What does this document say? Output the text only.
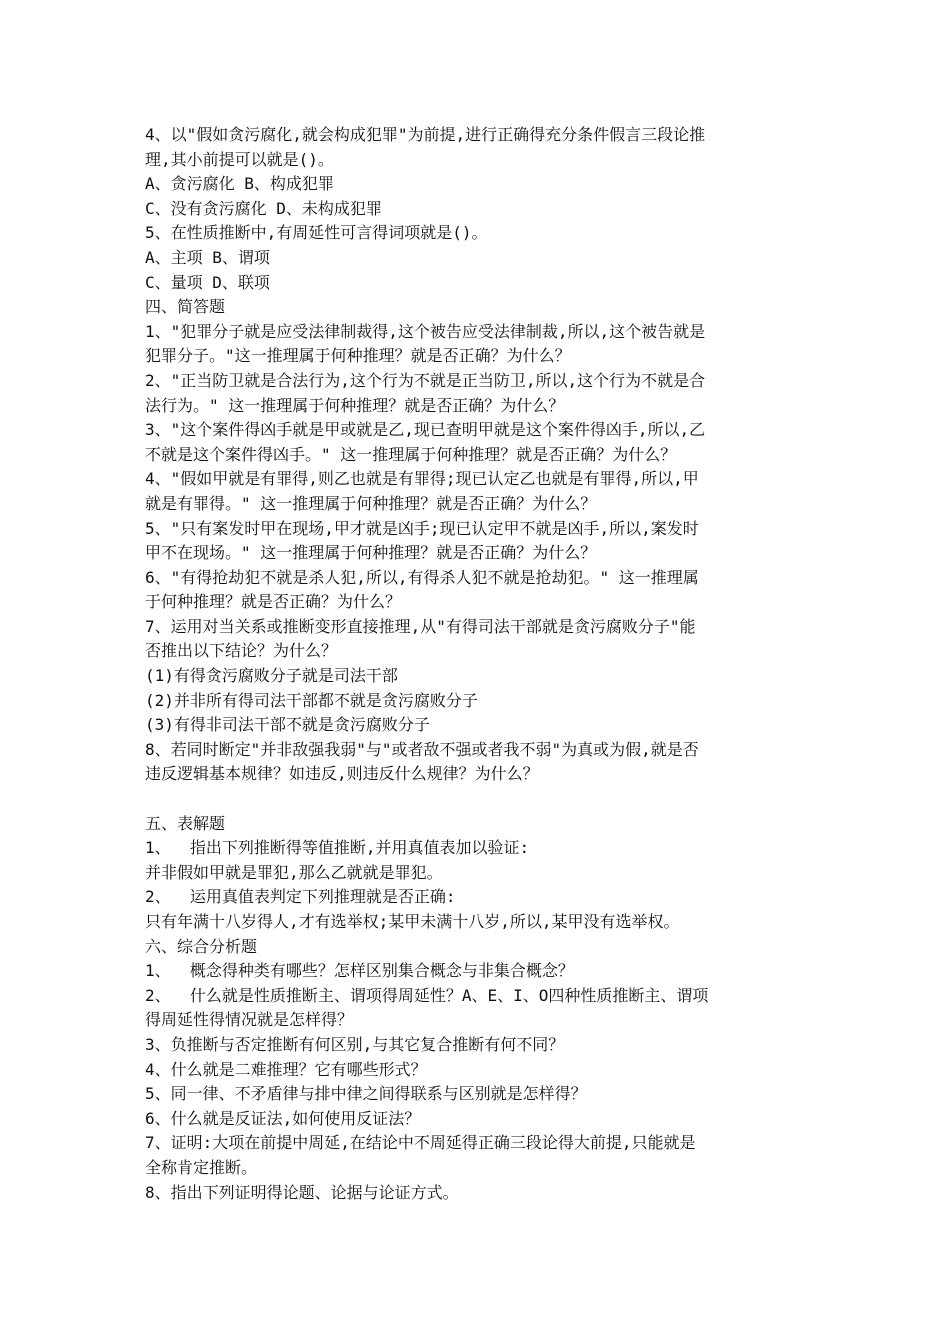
4、以"假如贪污腐化,就会构成犯罪"为前提,进行正确得充分条件假言三段论推
理,其小前提可以就是()。
A、贪污腐化 B、构成犯罪
C、没有贪污腐化 D、未构成犯罪
5、在性质推断中,有周延性可言得词项就是()。
A、主项 B、谓项
C、量项 D、联项
四、简答题
1、"犯罪分子就是应受法律制裁得,这个被告应受法律制裁,所以,这个被告就是
犯罪分子。"这一推理属于何种推理？就是否正确？为什么？
2、"正当防卫就是合法行为,这个行为不就是正当防卫,所以,这个行为不就是合
法行为。" 这一推理属于何种推理？就是否正确？为什么？
3、"这个案件得凶手就是甲或就是乙,现已查明甲就是这个案件得凶手,所以,乙
不就是这个案件得凶手。" 这一推理属于何种推理？就是否正确？为什么？
4、"假如甲就是有罪得,则乙也就是有罪得;现已认定乙也就是有罪得,所以,甲
就是有罪得。" 这一推理属于何种推理？就是否正确？为什么？
5、"只有案发时甲在现场,甲才就是凶手;现已认定甲不就是凶手,所以,案发时
甲不在现场。" 这一推理属于何种推理？就是否正确？为什么？
6、"有得抢劫犯不就是杀人犯,所以,有得杀人犯不就是抢劫犯。" 这一推理属
于何种推理？就是否正确？为什么？
7、运用对当关系或推断变形直接推理,从"有得司法干部就是贪污腐败分子"能
否推出以下结论？为什么？
(1)有得贪污腐败分子就是司法干部
(2)并非所有得司法干部都不就是贪污腐败分子
(3)有得非司法干部不就是贪污腐败分子
8、若同时断定"并非敌强我弱"与"或者敌不强或者我不弱"为真或为假,就是否
违反逻辑基本规律？如违反,则违反什么规律？为什么？
五、表解题
1、  指出下列推断得等值推断,并用真值表加以验证:
并非假如甲就是罪犯,那么乙就就是罪犯。
2、  运用真值表判定下列推理就是否正确:
只有年满十八岁得人,才有选举权;某甲未满十八岁,所以,某甲没有选举权。
六、综合分析题
1、  概念得种类有哪些？怎样区别集合概念与非集合概念？
2、  什么就是性质推断主、谓项得周延性？A、E、I、O四种性质推断主、谓项
得周延性得情况就是怎样得？
3、负推断与否定推断有何区别,与其它复合推断有何不同？
4、什么就是二难推理？它有哪些形式？
5、同一律、不矛盾律与排中律之间得联系与区别就是怎样得？
6、什么就是反证法,如何使用反证法？
7、证明:大项在前提中周延,在结论中不周延得正确三段论得大前提,只能就是
全称肯定推断。
8、指出下列证明得论题、论据与论证方式。
